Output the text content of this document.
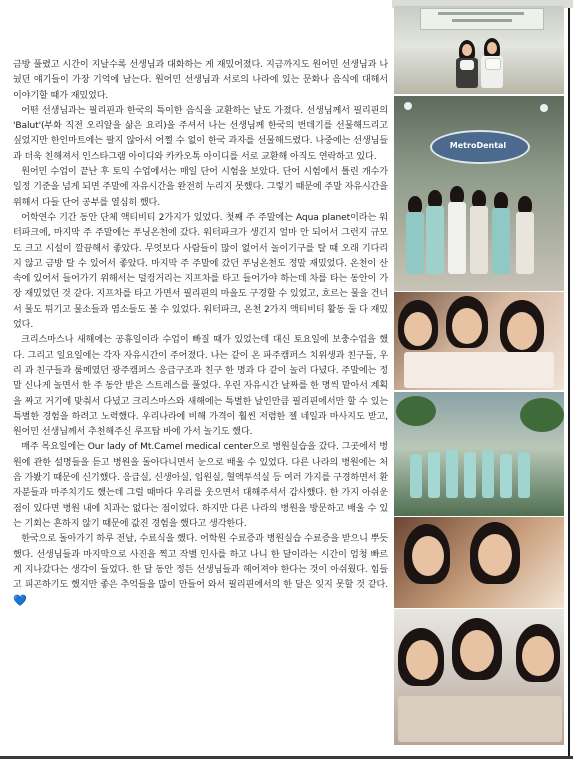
금방 풀렸고 시간이 지날수록 선생님과 대화하는 게 재밌어졌다. 지금까지도 원어민 선생님과 나눴던 얘기들이 가장 기억에 남는다. 원어민 선생님과 서로의 나라에 있는 문화나 음식에 대해서 이야기할 때가 재밌었다.

어떤 선생님과는 필리핀과 한국의 특이한 음식을 교환하는 날도 가졌다. 선생님께서 필리핀의 'Balut'(부화 직전 오리알을 삶은 요리)을 주셔서 나는 선생님께 한국의 번데기를 선물해드리고 싶었지만 한인마트에는 팔지 않아서 어쩔 수 없이 한국 과자를 선물해드렸다. 나중에는 선생님들과 더욱 친해져서 인스타그램 아이디와 카카오톡 아이디를 서로 교환해 아직도 연락하고 있다.

원어민 수업이 끝난 후 토익 수업에서는 매일 단어 시험을 보았다. 단어 시험에서 틀린 개수가 일정 기준을 넘게 되면 주말에 자유시간을 완전히 누리지 못했다. 그렇기 때문에 주말 자유시간을 위해서 다들 단어 공부를 열심히 했다.

어학연수 기간 동안 단체 액티비티 2가지가 있었다. 첫째 주 주말에는 Aqua planet이라는 워터파크에, 마지막 주 주말에는 푸닝온천에 갔다. 워터파크가 생긴지 얼마 안 되어서 그런지 규모도 크고 시설이 깔끔해서 좋았다. 무엇보다 사람들이 많이 없어서 놀이기구를 탈 때 오래 기다리지 않고 금방 탈 수 있어서 좋았다. 마지막 주 주말에 갔던 푸닝온천도 정말 재밌었다. 온천이 산속에 있어서 들어가기 위해서는 덜컹거리는 지프차를 타고 들어가야 하는데 차를 타는 동안이 가장 재밌었던 것 같다. 지프차를 타고 가면서 필리핀의 마을도 구경할 수 있었고, 흐르는 물을 건너서 물도 튀기고 물소들과 염소들도 볼 수 있었다. 워터파크, 온천 2가지 액티비티 활동 둘 다 재밌었다.

크리스마스나 새해에는 공휴일이라 수업이 빠질 때가 있었는데 대신 토요일에 보충수업을 했다. 그리고 일요일에는 각자 자유시간이 주어졌다. 나는 같이 온 파주캠퍼스 치위생과 친구들, 우리 과 친구들과 룸메였던 광주캠퍼스 응급구조과 친구 한 명과 다 같이 놀러 다녔다. 주말에는 정말 신나게 놀면서 한 주 동안 받은 스트레스를 풀었다. 우린 자유시간 날짜를 한 명씩 맡아서 계획을 짜고 거기에 맞춰서 다녔고 크리스마스와 새해에는 특별한 날인만큼 필리핀에서만 할 수 있는 특별한 경험을 하려고 노력했다. 우리나라에 비해 가격이 훨씬 저렴한 젤 네일과 마사지도 받고, 원어민 선생님께서 추천해주신 루프탑 바에 가서 놀기도 했다.

매주 목요일에는 Our lady of Mt.Camel medical center으로 병원실습을 갔다. 그곳에서 병원에 관한 설명들을 듣고 병원을 돌아다니면서 눈으로 배울 수 있었다. 다른 나라의 병원에는 처음 가봤기 때문에 신기했다. 응급실, 신생아실, 입원실, 혈액투석실 등 여러 가지를 구경하면서 환자분들과 마주치기도 했는데 그럴 때마다 우리를 웃으면서 대해주셔서 감사했다. 한 가지 아쉬운 점이 있다면 병원 내에 치과는 없다는 점이었다. 하지만 다른 나라의 병원을 방문하고 배울 수 있는 기회는 흔하지 않기 때문에 값진 경험을 했다고 생각한다.

한국으로 돌아가기 하루 전날, 수료식을 했다. 어학원 수료증과 병원실습 수료증을 받으니 뿌듯했다. 선생님들과 마지막으로 사진을 찍고 작별 인사를 하고 나니 한 달이라는 시간이 엄청 빠르게 지나갔다는 생각이 들었다. 한 달 동안 정든 선생님들과 헤어져야 한다는 것이 아쉬웠다. 힘들고 피곤하기도 했지만 좋은 추억들을 많이 만들어 와서 필리핀에서의 한 달은 잊지 못할 것 같다. 💙

MetroDental
